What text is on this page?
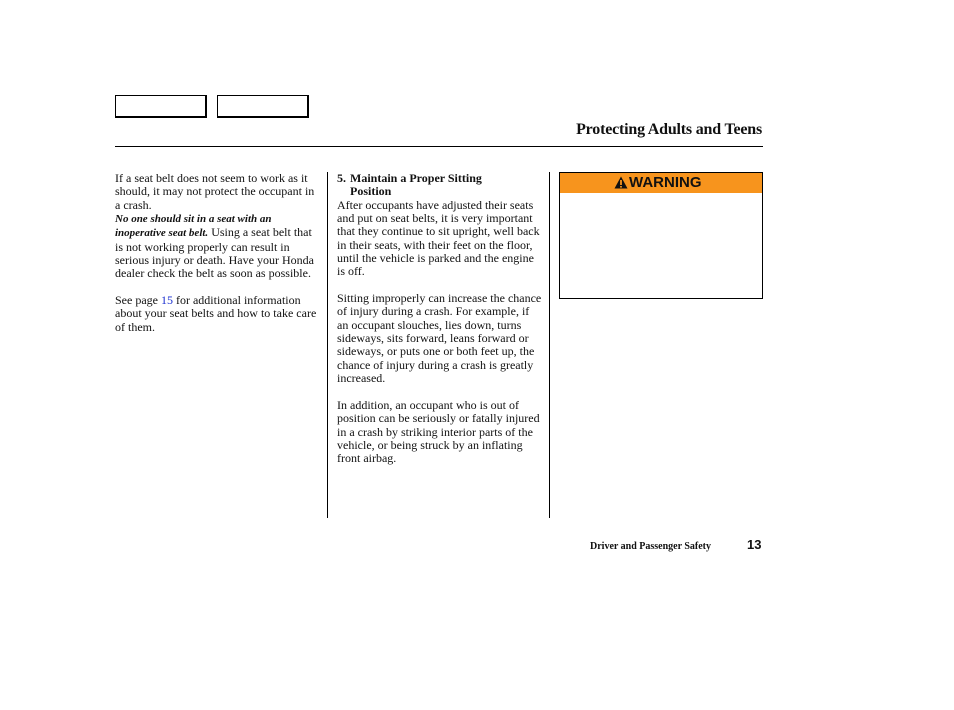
Protecting Adults and Teens

If a seat belt does not seem to work as it should, it may not protect the occupant in a crash.

No one should sit in a seat with an inoperative seat belt. Using a seat belt that is not working properly can result in serious injury or death. Have your Honda dealer check the belt as soon as possible.

See page 15 for additional information about your seat belts and how to take care of them.

5. Maintain a Proper Sitting
Position

After occupants have adjusted their seats and put on seat belts, it is very important that they continue to sit upright, well back in their seats, with their feet on the floor, until the vehicle is parked and the engine is off.

Sitting improperly can increase the chance of injury during a crash. For example, if an occupant slouches, lies down, turns sideways, sits forward, leans forward or sideways, or puts one or both feet up, the chance of injury during a crash is greatly increased.

In addition, an occupant who is out of position can be seriously or fatally injured in a crash by striking interior parts of the vehicle, or being struck by an inflating front airbag.

WARNING
Driver and Passenger Safety	13
